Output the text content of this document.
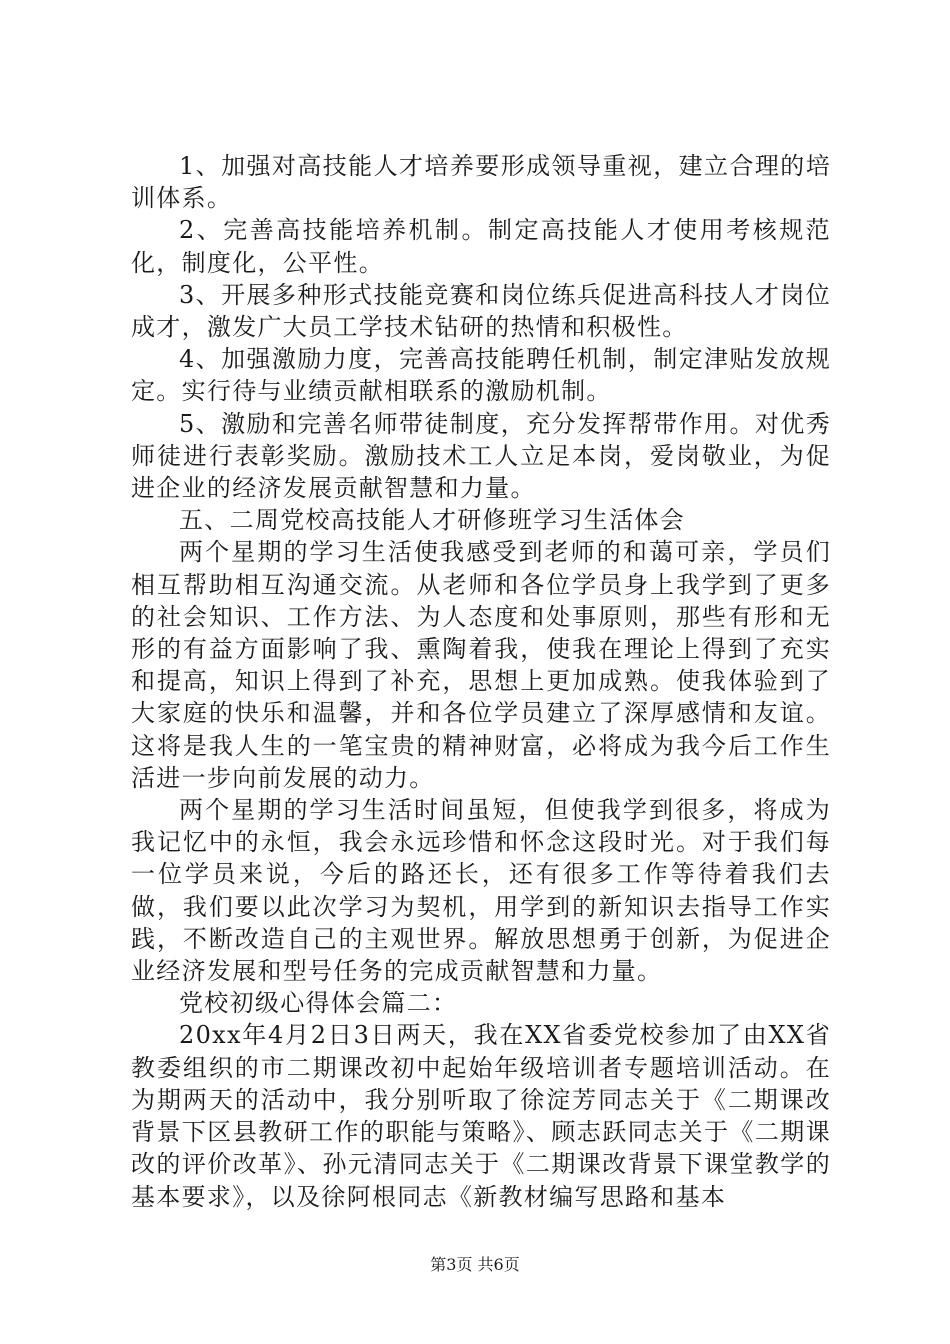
1、加强对高技能人才培养要形成领导重视，建立合理的培训体系。

2、完善高技能培养机制。制定高技能人才使用考核规范化，制度化，公平性。

3、开展多种形式技能竞赛和岗位练兵促进高科技人才岗位成才，激发广大员工学技术钻研的热情和积极性。

4、加强激励力度，完善高技能聘任机制，制定津贴发放规定。实行待与业绩贡献相联系的激励机制。

5、激励和完善名师带徒制度，充分发挥帮带作用。对优秀师徒进行表彰奖励。激励技术工人立足本岗，爱岗敬业，为促进企业的经济发展贡献智慧和力量。

五、二周党校高技能人才研修班学习生活体会

两个星期的学习生活使我感受到老师的和蔼可亲，学员们相互帮助相互沟通交流。从老师和各位学员身上我学到了更多的社会知识、工作方法、为人态度和处事原则，那些有形和无形的有益方面影响了我、熏陶着我，使我在理论上得到了充实和提高，知识上得到了补充，思想上更加成熟。使我体验到了大家庭的快乐和温馨，并和各位学员建立了深厚感情和友谊。这将是我人生的一笔宝贵的精神财富，必将成为我今后工作生活进一步向前发展的动力。

两个星期的学习生活时间虽短，但使我学到很多，将成为我记忆中的永恒，我会永远珍惜和怀念这段时光。对于我们每一位学员来说，今后的路还长，还有很多工作等待着我们去做，我们要以此次学习为契机，用学到的新知识去指导工作实践，不断改造自己的主观世界。解放思想勇于创新，为促进企业经济发展和型号任务的完成贡献智慧和力量。

党校初级心得体会篇二：

20xx年4月2日3日两天，我在XX省委党校参加了由XX省教委组织的市二期课改初中起始年级培训者专题培训活动。在为期两天的活动中，我分别听取了徐淀芳同志关于《二期课改背景下区县教研工作的职能与策略》、顾志跃同志关于《二期课改的评价改革》、孙元清同志关于《二期课改背景下课堂教学的基本要求》，以及徐阿根同志《新教材编写思路和基本

第3页 共6页
